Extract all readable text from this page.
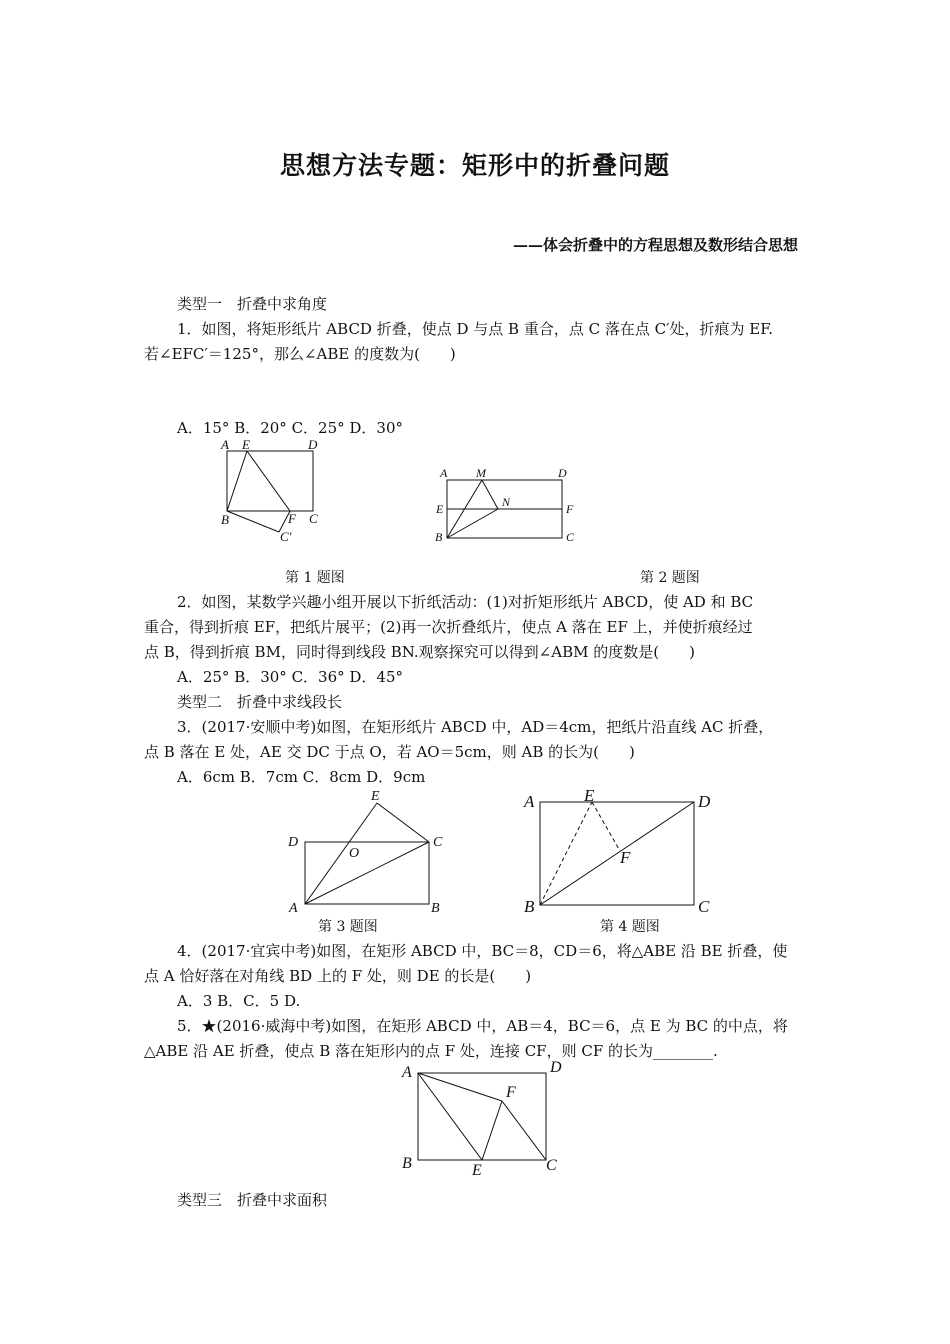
思想方法专题：矩形中的折叠问题
——体会折叠中的方程思想及数形结合思想
类型一　折叠中求角度
1．如图，将矩形纸片 ABCD 折叠，使点 D 与点 B 重合，点 C 落在点 C′处，折痕为 EF.
若∠EFC′＝125°，那么∠ABE 的度数为(　　)
A．15° B．20° C．25° D．30°
A E	D
B	F C
C′
A M	D
E	N	F
B	C
第 1 题图	第 2 题图
2．如图，某数学兴趣小组开展以下折纸活动：(1)对折矩形纸片 ABCD，使 AD 和 BC
重合，得到折痕 EF，把纸片展平；(2)再一次折叠纸片，使点 A 落在 EF 上，并使折痕经过
点 B，得到折痕 BM，同时得到线段 BN.观察探究可以得到∠ABM 的度数是(　　)
A．25° B．30° C．36° D．45°
类型二　折叠中求线段长
3．(2017·安顺中考)如图，在矩形纸片 ABCD 中，AD＝4cm，把纸片沿直线 AC 折叠，
点 B 落在 E 处，AE 交 DC 于点 O，若 AO＝5cm，则 AB 的长为(　　)
A．6cm B．7cm C．8cm D．9cm
E
D
O
C
A	B
A	E	D
F
B	C
第 3 题图	第 4 题图
4．(2017·宜宾中考)如图，在矩形 ABCD 中，BC＝8，CD＝6，将△ABE 沿 BE 折叠，使
点 A 恰好落在对角线 BD 上的 F 处，则 DE 的长是(　　)
A．3 B．C．5 D.
5．★(2016·威海中考)如图，在矩形 ABCD 中，AB＝4，BC＝6，点 E 为 BC 的中点，将
△ABE 沿 AE 折叠，使点 B 落在矩形内的点 F 处，连接 CF，则 CF 的长为________.
A	D
F
B	E	C
类型三　折叠中求面积
